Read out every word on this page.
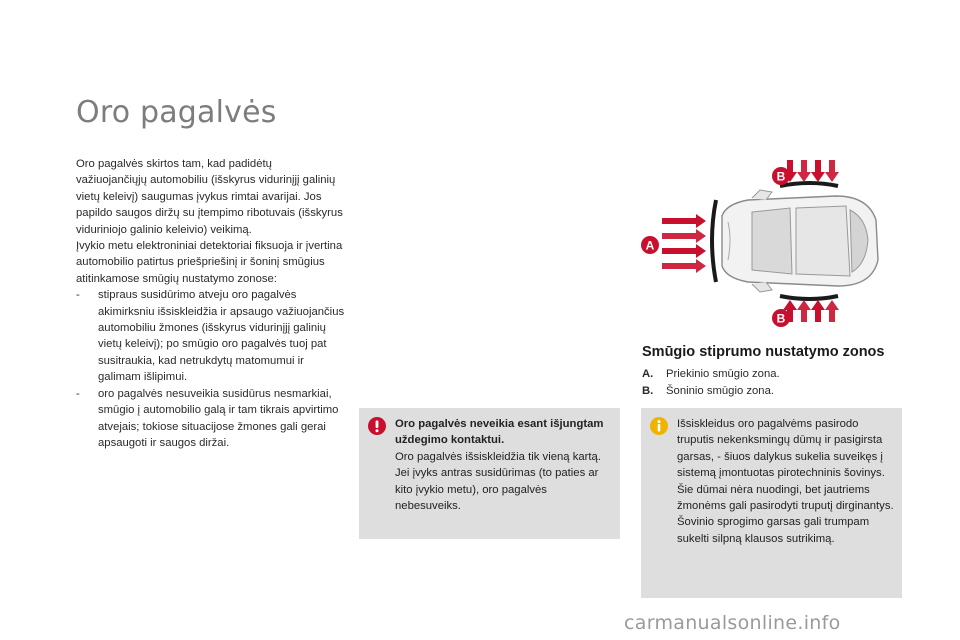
Oro pagalvės

Oro pagalvės skirtos tam, kad padidėtų važiuojančiųjų automobiliu (išskyrus vidurinįjį galinių vietų keleivį) saugumas įvykus rimtai avarijai. Jos papildo saugos diržų su įtempimo ribotuvais (išskyrus viduriniojo galinio keleivio) veikimą.

Įvykio metu elektroniniai detektoriai fiksuoja ir įvertina automobilio patirtus priešpriešinį ir šoninį smūgius atitinkamose smūgių nustatymo zonose:

- stipraus susidūrimo atveju oro pagalvės akimirksniu išsiskleidžia ir apsaugo važiuojančius automobiliu žmones (išskyrus vidurinįjį galinių vietų keleivį); po smūgio oro pagalvės tuoj pat susitraukia, kad netrukdytų matomumui ir galimam išlipimui.
- oro pagalvės nesuveikia susidūrus nesmarkiai, smūgio į automobilio galą ir tam tikrais apvirtimo atvejais; tokiose situacijose žmones gali gerai apsaugoti ir saugos diržai.
A
B
B
Smūgio stiprumo nustatymo zonos
A.	Priekinio smūgio zona.
B.	Šoninio smūgio zona.
Oro pagalvės neveikia esant išjungtam uždegimo kontaktui.
Oro pagalvės išsiskleidžia tik vieną kartą. Jei įvyks antras susidūrimas (to paties ar kito įvykio metu), oro pagalvės nebesuveiks.
Išsiskleidus oro pagalvėms pasirodo truputis nekenksmingų dūmų ir pasigirsta garsas, - šiuos dalykus sukelia suveikęs į sistemą įmontuotas pirotechninis šovinys.
Šie dūmai nėra nuodingi, bet jautriems žmonėms gali pasirodyti truputį dirginantys.
Šovinio sprogimo garsas gali trumpam sukelti silpną klausos sutrikimą.
carmanualsonline.info
